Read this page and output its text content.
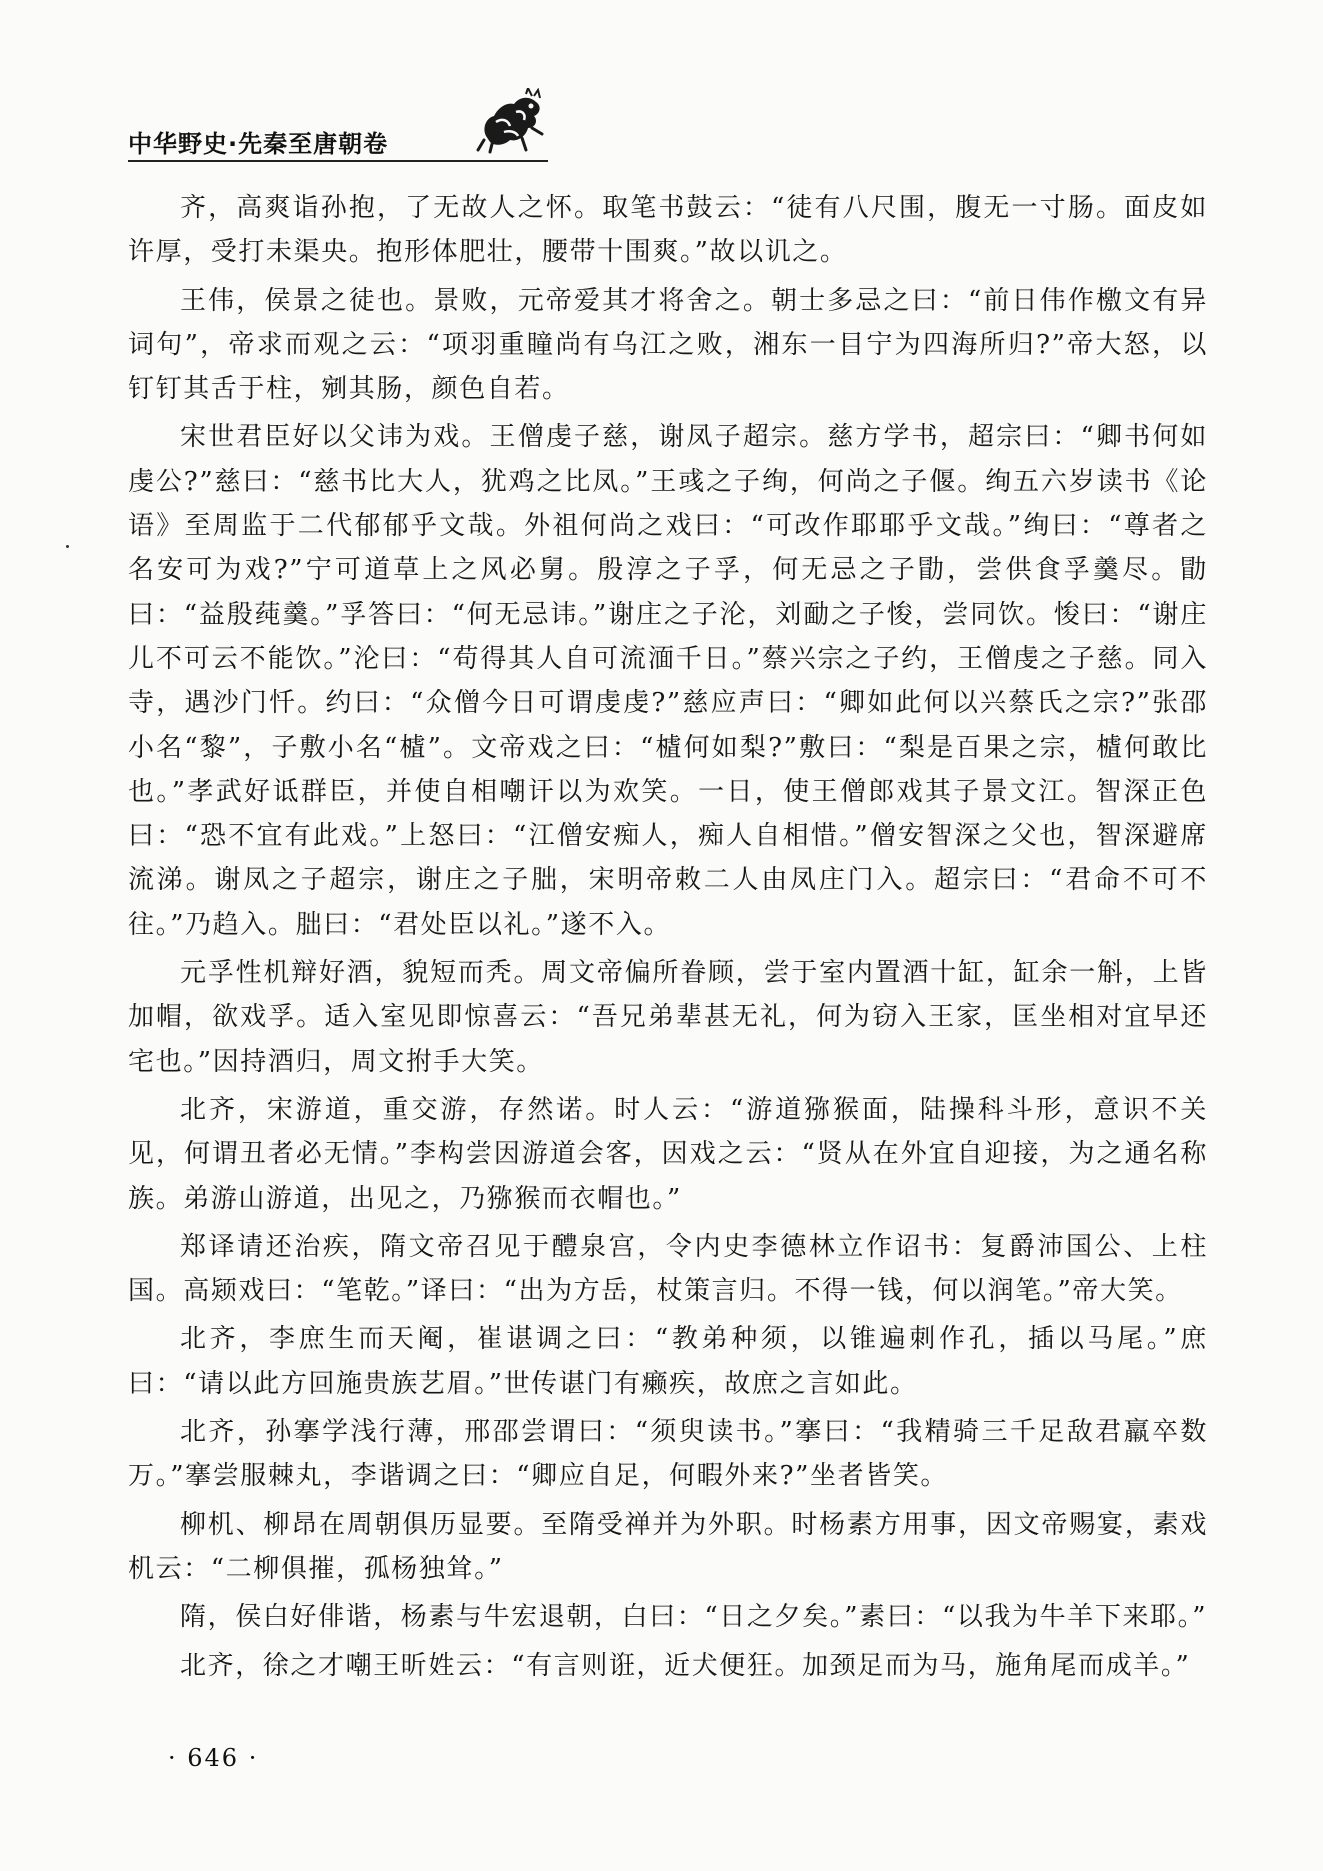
中华野史·先秦至唐朝卷

齐，高爽诣孙抱，了无故人之怀。取笔书鼓云：“徒有八尺围，腹无一寸肠。面皮如许厚，受打未渠央。抱形体肥壮，腰带十围爽。”故以讥之。

王伟，侯景之徒也。景败，元帝爱其才将舍之。朝士多忌之曰：“前日伟作檄文有异词句”，帝求而观之云：“项羽重瞳尚有乌江之败，湘东一目宁为四海所归?”帝大怒，以钉钉其舌于柱，剜其肠，颜色自若。

宋世君臣好以父讳为戏。王僧虔子慈，谢凤子超宗。慈方学书，超宗曰：“卿书何如虔公?”慈曰：“慈书比大人，犹鸡之比凤。”王彧之子绚，何尚之子偃。绚五六岁读书《论语》至周监于二代郁郁乎文哉。外祖何尚之戏曰：“可改作耶耶乎文哉。”绚曰：“尊者之名安可为戏?”宁可道草上之风必舅。殷淳之子孚，何无忌之子勖，尝供食孚羹尽。勖曰：“益殷莼羹。”孚答曰：“何无忌讳。”谢庄之子沦，刘勔之子悛，尝同饮。悛曰：“谢庄儿不可云不能饮。”沦曰：“苟得其人自可流湎千日。”蔡兴宗之子约，王僧虔之子慈。同入寺，遇沙门忏。约曰：“众僧今日可谓虔虔?”慈应声曰：“卿如此何以兴蔡氏之宗?”张邵小名“黎”，子敷小名“樝”。文帝戏之曰：“樝何如梨?”敷曰：“梨是百果之宗，樝何敢比也。”孝武好诋群臣，并使自相嘲讦以为欢笑。一日，使王僧郎戏其子景文江。智深正色曰：“恐不宜有此戏。”上怒曰：“江僧安痴人，痴人自相惜。”僧安智深之父也，智深避席流涕。谢凤之子超宗，谢庄之子朏，宋明帝敕二人由凤庄门入。超宗曰：“君命不可不往。”乃趋入。朏曰：“君处臣以礼。”遂不入。

元孚性机辩好酒，貌短而秃。周文帝偏所眷顾，尝于室内置酒十缸，缸余一斛，上皆加帽，欲戏孚。适入室见即惊喜云：“吾兄弟辈甚无礼，何为窃入王家，匡坐相对宜早还宅也。”因持酒归，周文拊手大笑。

北齐，宋游道，重交游，存然诺。时人云：“游道猕猴面，陆操科斗形，意识不关见，何谓丑者必无情。”李构尝因游道会客，因戏之云：“贤从在外宜自迎接，为之通名称族。弟游山游道，出见之，乃猕猴而衣帽也。”

郑译请还治疾，隋文帝召见于醴泉宫，令内史李德林立作诏书：复爵沛国公、上柱国。高颎戏曰：“笔乾。”译曰：“出为方岳，杖策言归。不得一钱，何以润笔。”帝大笑。

北齐，李庶生而天阉，崔谌调之曰：“教弟种须，以锥遍刺作孔，插以马尾。”庶曰：“请以此方回施贵族艺眉。”世传谌门有癞疾，故庶之言如此。

北齐，孙搴学浅行薄，邢邵尝谓曰：“须臾读书。”搴曰：“我精骑三千足敌君羸卒数万。”搴尝服棘丸，李谐调之曰：“卿应自足，何暇外来?”坐者皆笑。

柳机、柳昂在周朝俱历显要。至隋受禅并为外职。时杨素方用事，因文帝赐宴，素戏机云：“二柳俱摧，孤杨独耸。”

隋，侯白好俳谐，杨素与牛宏退朝，白曰：“日之夕矣。”素曰：“以我为牛羊下来耶。”

北齐，徐之才嘲王昕姓云：“有言则诳，近犬便狂。加颈足而为马，施角尾而成羊。”

· 646 ·
